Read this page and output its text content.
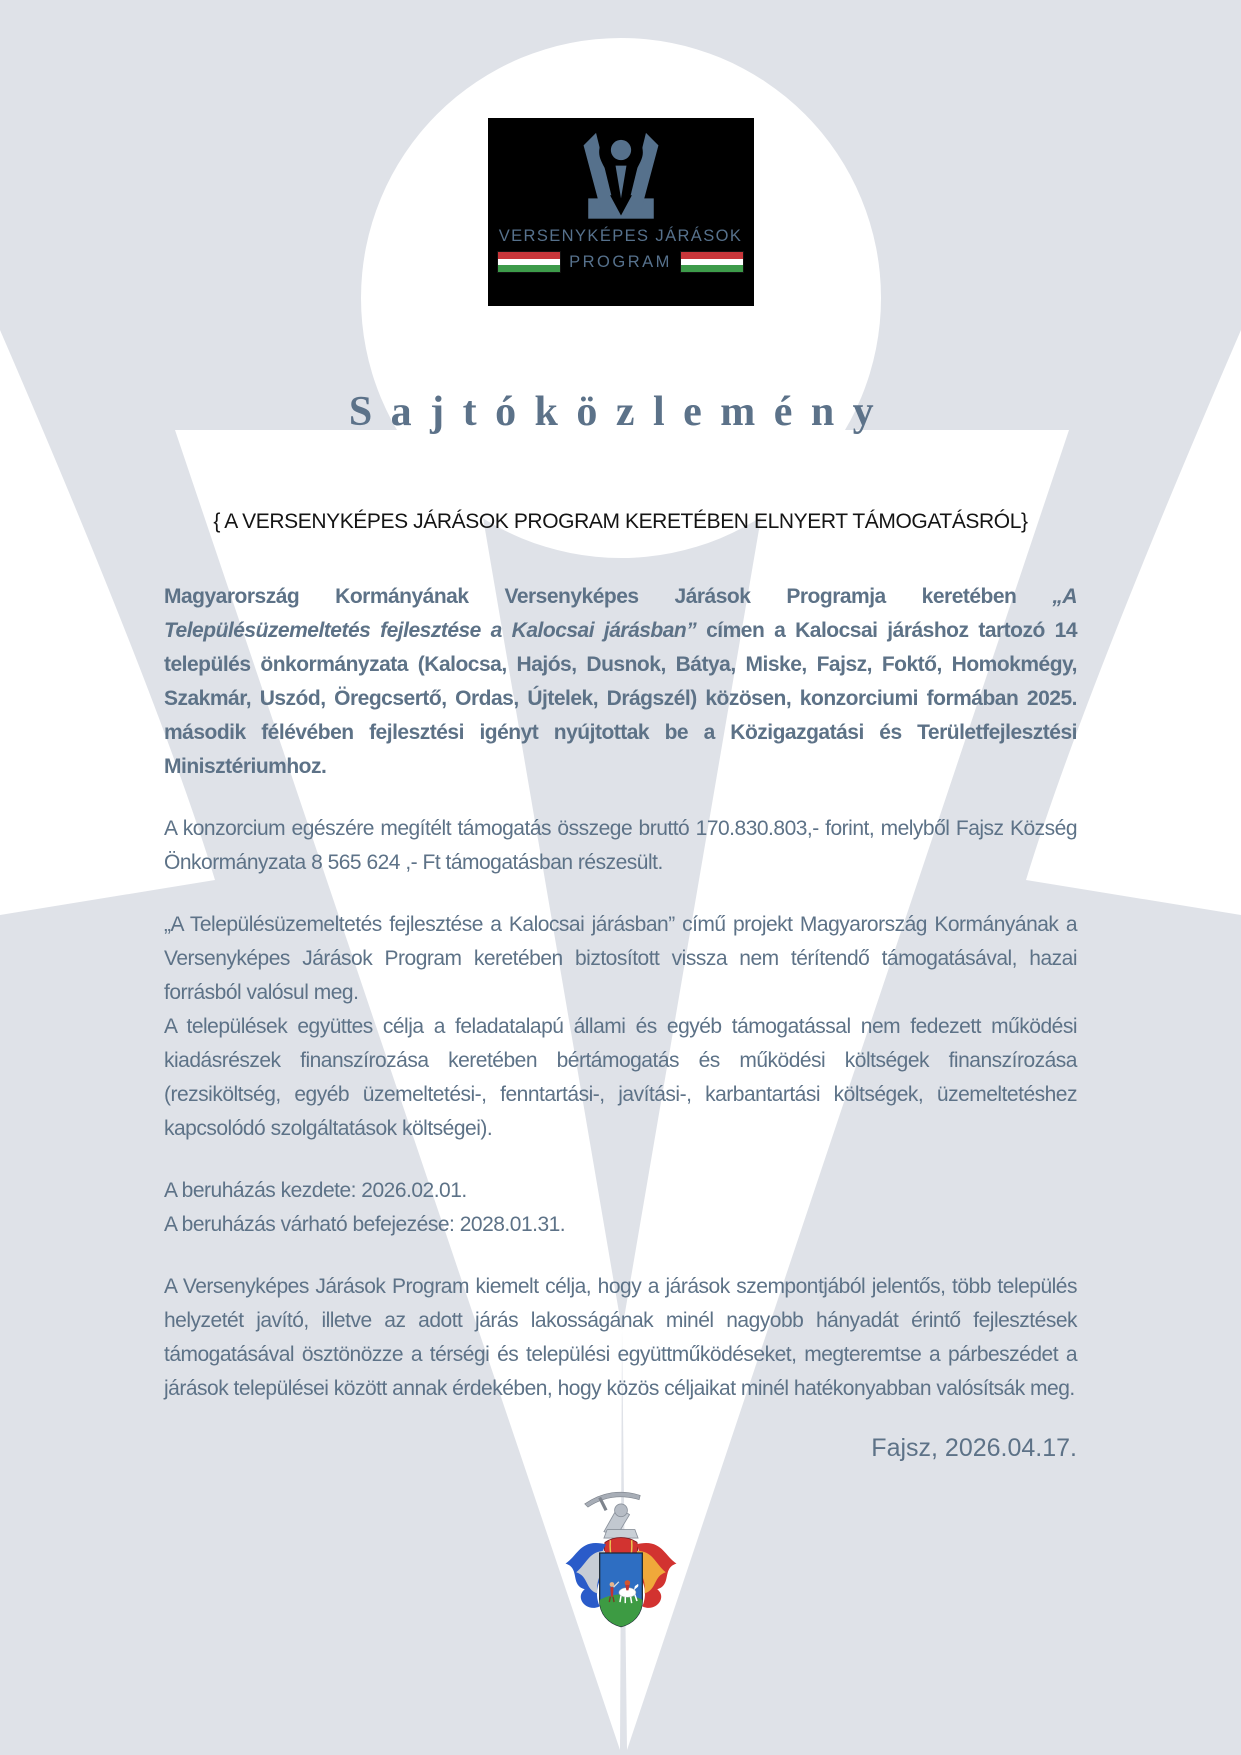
VERSENYKÉPES JÁRÁSOK
PROGRAM
Sajtóközlemény
{ A VERSENYKÉPES JÁRÁSOK PROGRAM KERETÉBEN ELNYERT TÁMOGATÁSRÓL}

Magyarország Kormányának Versenyképes Járások Programja keretében „A Településüzemeltetés fejlesztése a Kalocsai járásban” címen a Kalocsai járáshoz tartozó 14 település önkormányzata (Kalocsa, Hajós, Dusnok, Bátya, Miske, Fajsz, Foktő, Homokmégy, Szakmár, Uszód, Öregcsertő, Ordas, Újtelek, Drágszél) közösen, konzorciumi formában 2025. második félévében fejlesztési igényt nyújtottak be a Közigazgatási és Területfejlesztési Minisztériumhoz.

A konzorcium egészére megítélt támogatás összege bruttó 170.830.803,- forint, melyből Fajsz Község Önkormányzata 8 565 624 ,- Ft támogatásban részesült.

„A Településüzemeltetés fejlesztése a Kalocsai járásban” című projekt Magyarország Kormányának a Versenyképes Járások Program keretében biztosított vissza nem térítendő támogatásával, hazai forrásból valósul meg.

A települések együttes célja a feladatalapú állami és egyéb támogatással nem fedezett működési kiadásrészek finanszírozása keretében bértámogatás és működési költségek finanszírozása (rezsiköltség, egyéb üzemeltetési-, fenntartási-, javítási-, karbantartási költségek, üzemeltetéshez kapcsolódó szolgáltatások költségei).

A beruházás kezdete: 2026.02.01.

A beruházás várható befejezése: 2028.01.31.

A Versenyképes Járások Program kiemelt célja, hogy a járások szempontjából jelentős, több település helyzetét javító, illetve az adott járás lakosságának minél nagyobb hányadát érintő fejlesztések támogatásával ösztönözze a térségi és települési együttműködéseket, megteremtse a párbeszédet a járások települései között annak érdekében, hogy közös céljaikat minél hatékonyabban valósítsák meg.

Fajsz, 2026.04.17.
